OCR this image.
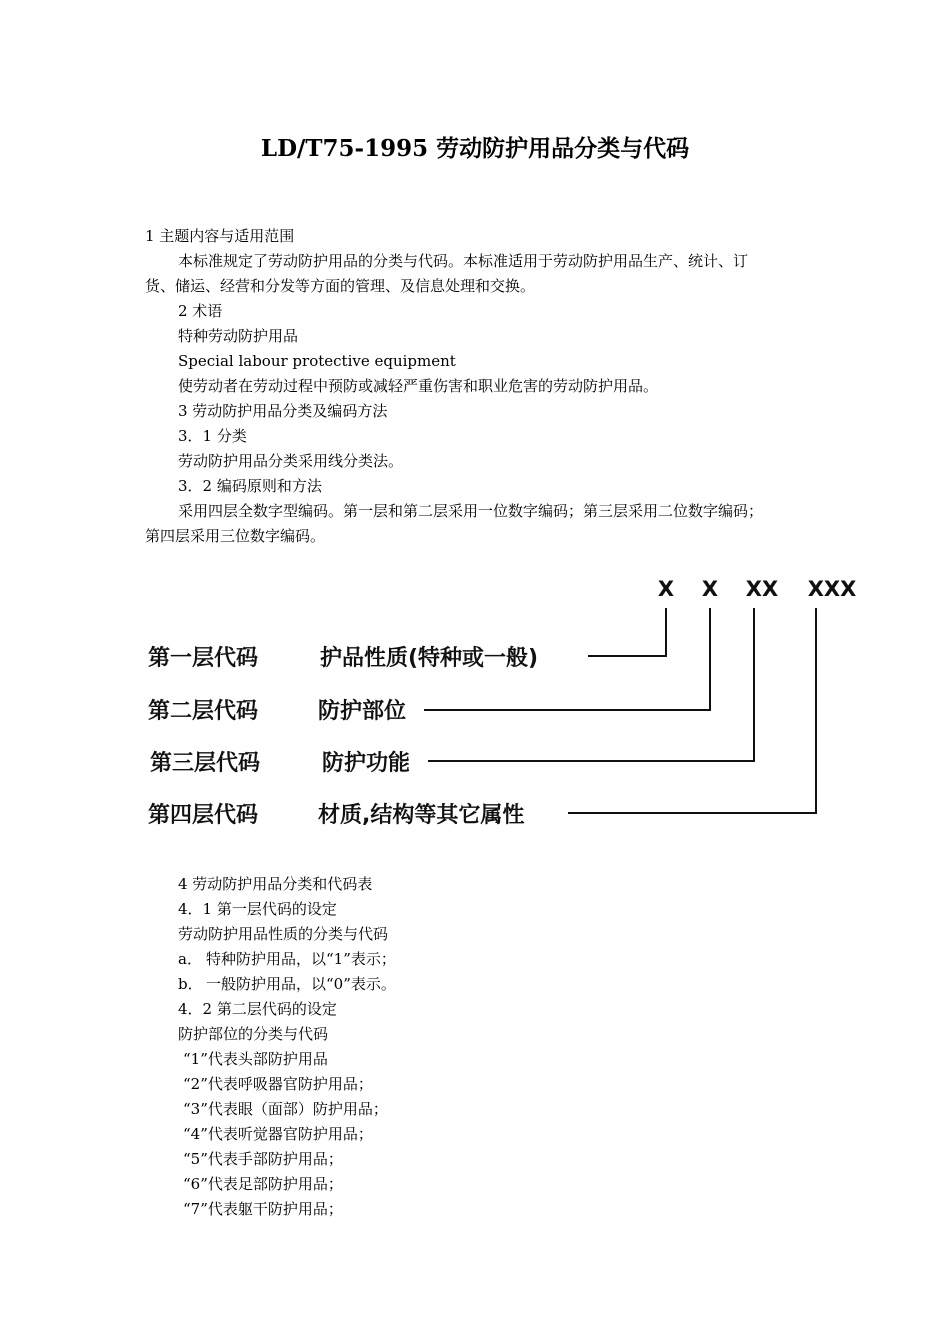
LD/T75-1995 劳动防护用品分类与代码
1 主题内容与适用范围
本标准规定了劳动防护用品的分类与代码。本标准适用于劳动防护用品生产、统计、订
货、储运、经营和分发等方面的管理、及信息处理和交换。
2 术语
特种劳动防护用品
Special labour protective equipment
使劳动者在劳动过程中预防或减轻严重伤害和职业危害的劳动防护用品。
3 劳动防护用品分类及编码方法
3．1 分类
劳动防护用品分类采用线分类法。
3．2 编码原则和方法
采用四层全数字型编码。第一层和第二层采用一位数字编码；第三层采用二位数字编码；
第四层采用三位数字编码。
X X XX XXX
第一层代码	护品性质(特种或一般)
第二层代码	防护部位
第三层代码	防护功能
第四层代码	材质,结构等其它属性
4 劳动防护用品分类和代码表
4．1 第一层代码的设定
劳动防护用品性质的分类与代码
a． 特种防护用品，以“1”表示；
b． 一般防护用品，以“0”表示。
4．2 第二层代码的设定
防护部位的分类与代码
“1”代表头部防护用品
“2”代表呼吸器官防护用品；
“3”代表眼（面部）防护用品；
“4”代表听觉器官防护用品；
“5”代表手部防护用品；
“6”代表足部防护用品；
“7”代表躯干防护用品；
